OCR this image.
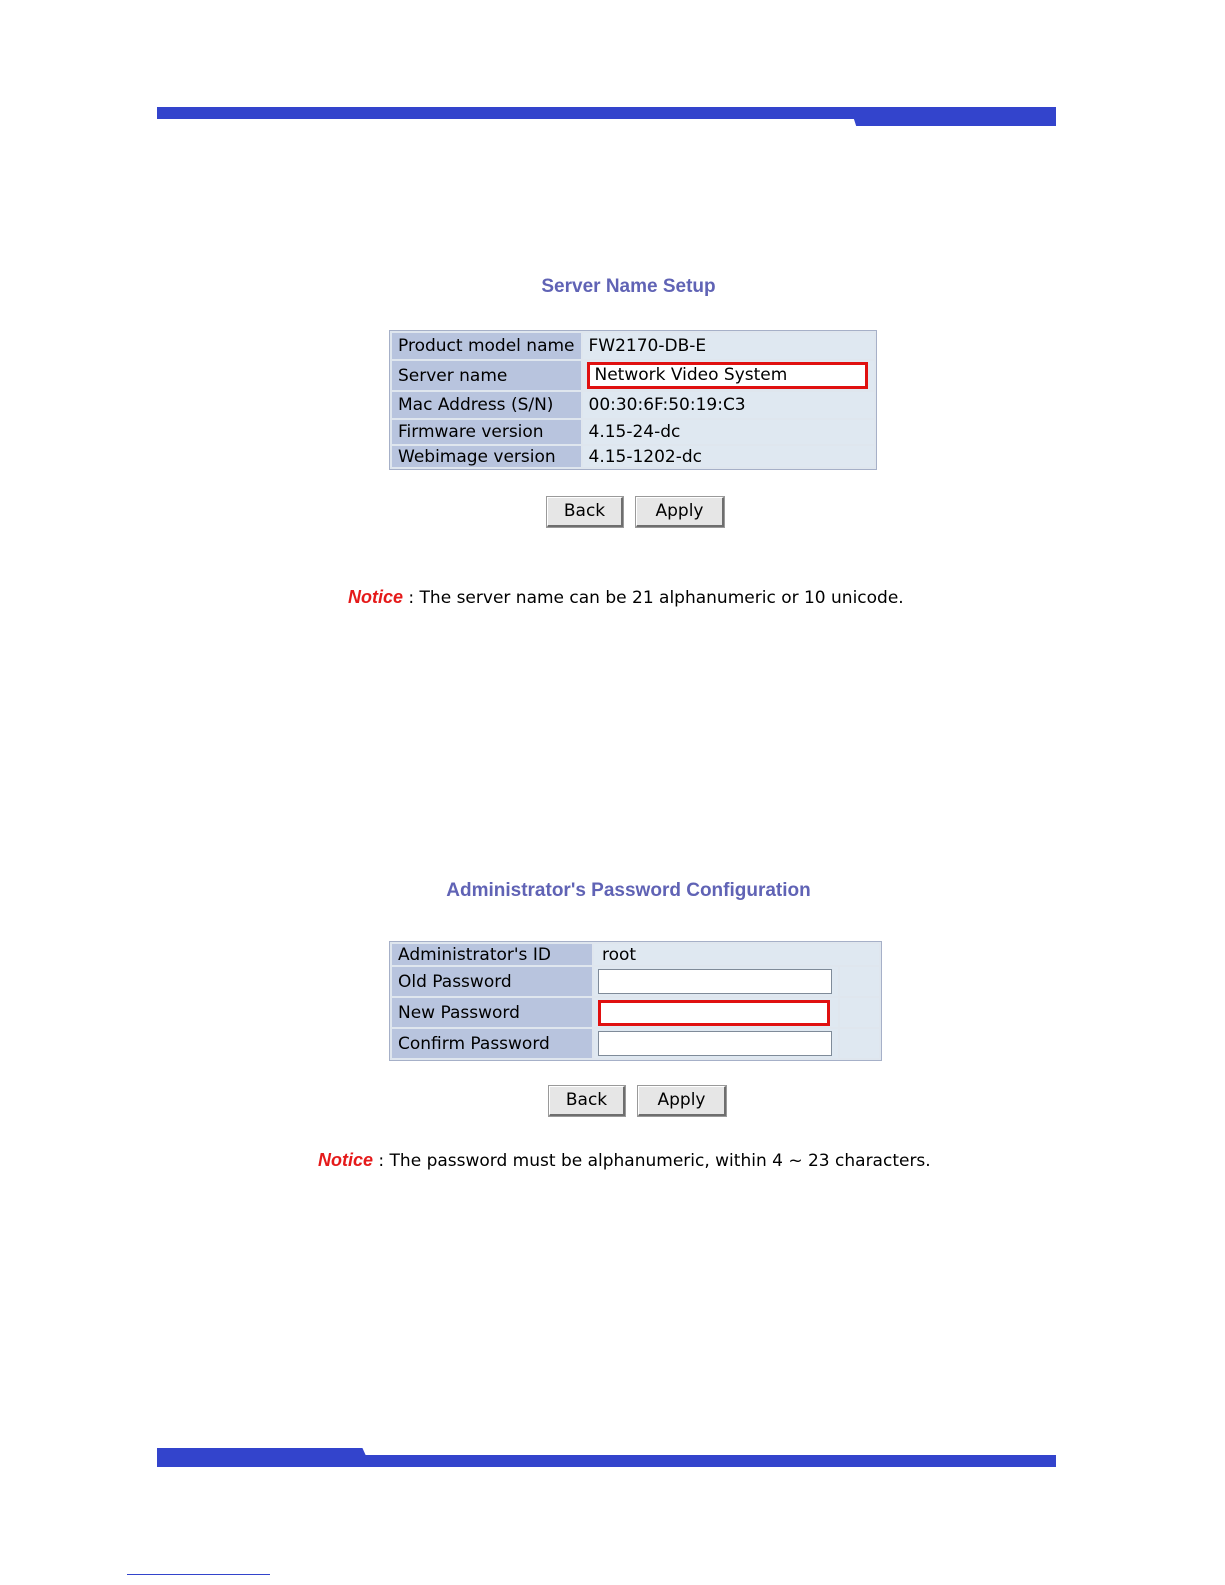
Server Name Setup
Product model name	FW2170-DB-E
Server name	Network Video System

Mac Address (S/N)	00:30:6F:50:19:C3
Firmware version	4.15-24-dc
Webimage version	4.15-1202-dc
Back	Apply
Notice : The server name can be 21 alphanumeric or 10 unicode.
Administrator's Password Configuration
Administrator's ID	root	
Old Password	

New Password	

Confirm Password	

Back	Apply
Notice : The password must be alphanumeric, within 4 ~ 23 characters.
